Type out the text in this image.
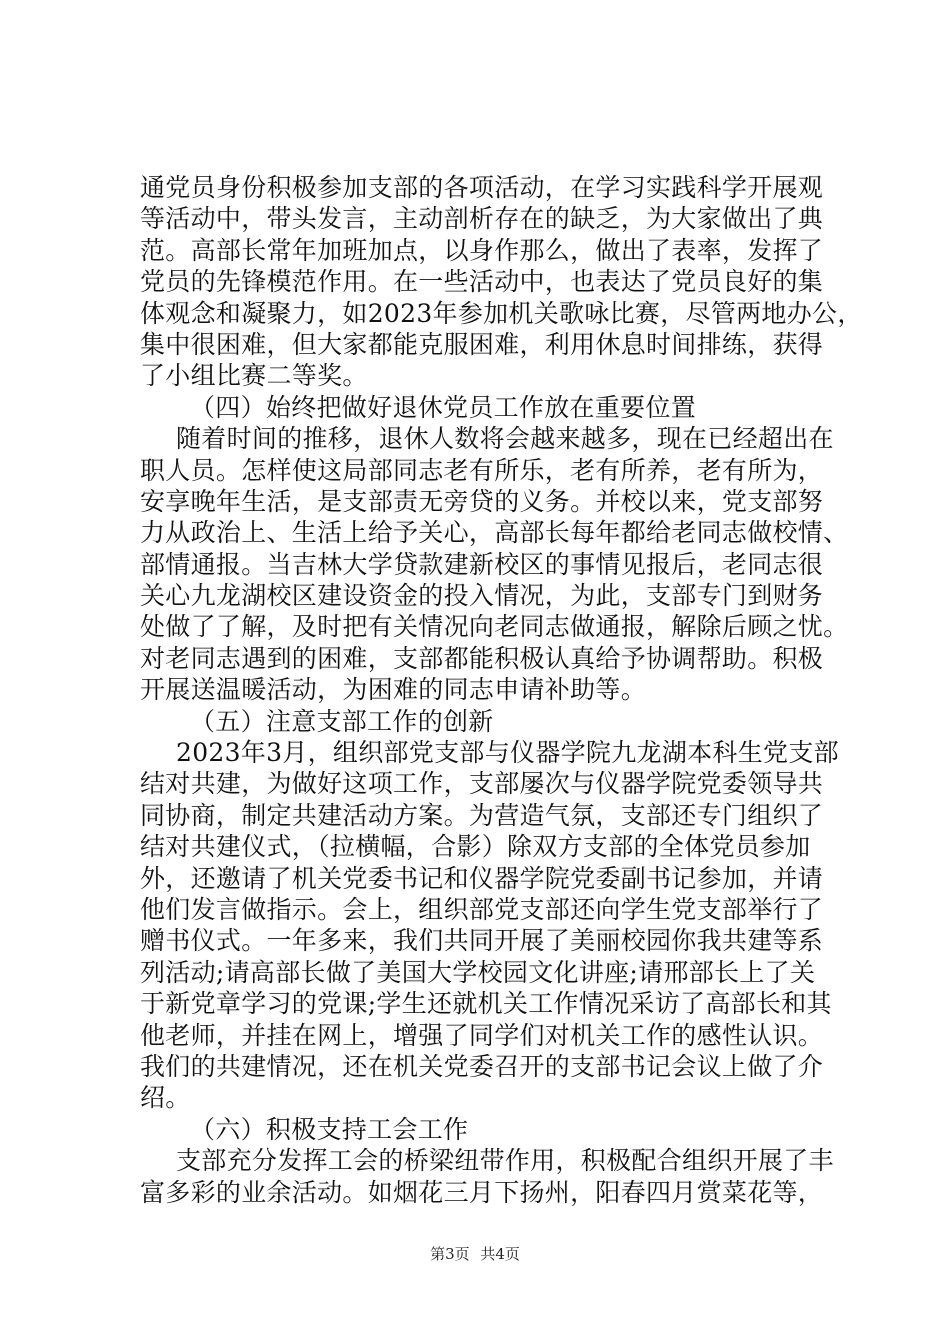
通党员身份积极参加支部的各项活动，在学习实践科学开展观
等活动中，带头发言，主动剖析存在的缺乏，为大家做出了典
范。高部长常年加班加点，以身作那么，做出了表率，发挥了
党员的先锋模范作用。在一些活动中，也表达了党员良好的集
体观念和凝聚力，如2023年参加机关歌咏比赛，尽管两地办公，
集中很困难，但大家都能克服困难，利用休息时间排练，获得
了小组比赛二等奖。
（四）始终把做好退休党员工作放在重要位置
随着时间的推移，退休人数将会越来越多，现在已经超出在
职人员。怎样使这局部同志老有所乐，老有所养，老有所为，
安享晚年生活，是支部责无旁贷的义务。并校以来，党支部努
力从政治上、生活上给予关心，高部长每年都给老同志做校情、
部情通报。当吉林大学贷款建新校区的事情见报后，老同志很
关心九龙湖校区建设资金的投入情况，为此，支部专门到财务
处做了了解，及时把有关情况向老同志做通报，解除后顾之忧。
对老同志遇到的困难，支部都能积极认真给予协调帮助。积极
开展送温暖活动，为困难的同志申请补助等。
（五）注意支部工作的创新
2023年3月，组织部党支部与仪器学院九龙湖本科生党支部
结对共建，为做好这项工作，支部屡次与仪器学院党委领导共
同协商，制定共建活动方案。为营造气氛，支部还专门组织了
结对共建仪式，（拉横幅，合影）除双方支部的全体党员参加
外，还邀请了机关党委书记和仪器学院党委副书记参加，并请
他们发言做指示。会上，组织部党支部还向学生党支部举行了
赠书仪式。一年多来，我们共同开展了美丽校园你我共建等系
列活动;请高部长做了美国大学校园文化讲座;请邢部长上了关
于新党章学习的党课;学生还就机关工作情况采访了高部长和其
他老师，并挂在网上，增强了同学们对机关工作的感性认识。
我们的共建情况，还在机关党委召开的支部书记会议上做了介
绍。
（六）积极支持工会工作
支部充分发挥工会的桥梁纽带作用，积极配合组织开展了丰
富多彩的业余活动。如烟花三月下扬州，阳春四月赏菜花等，
第3页 共4页
